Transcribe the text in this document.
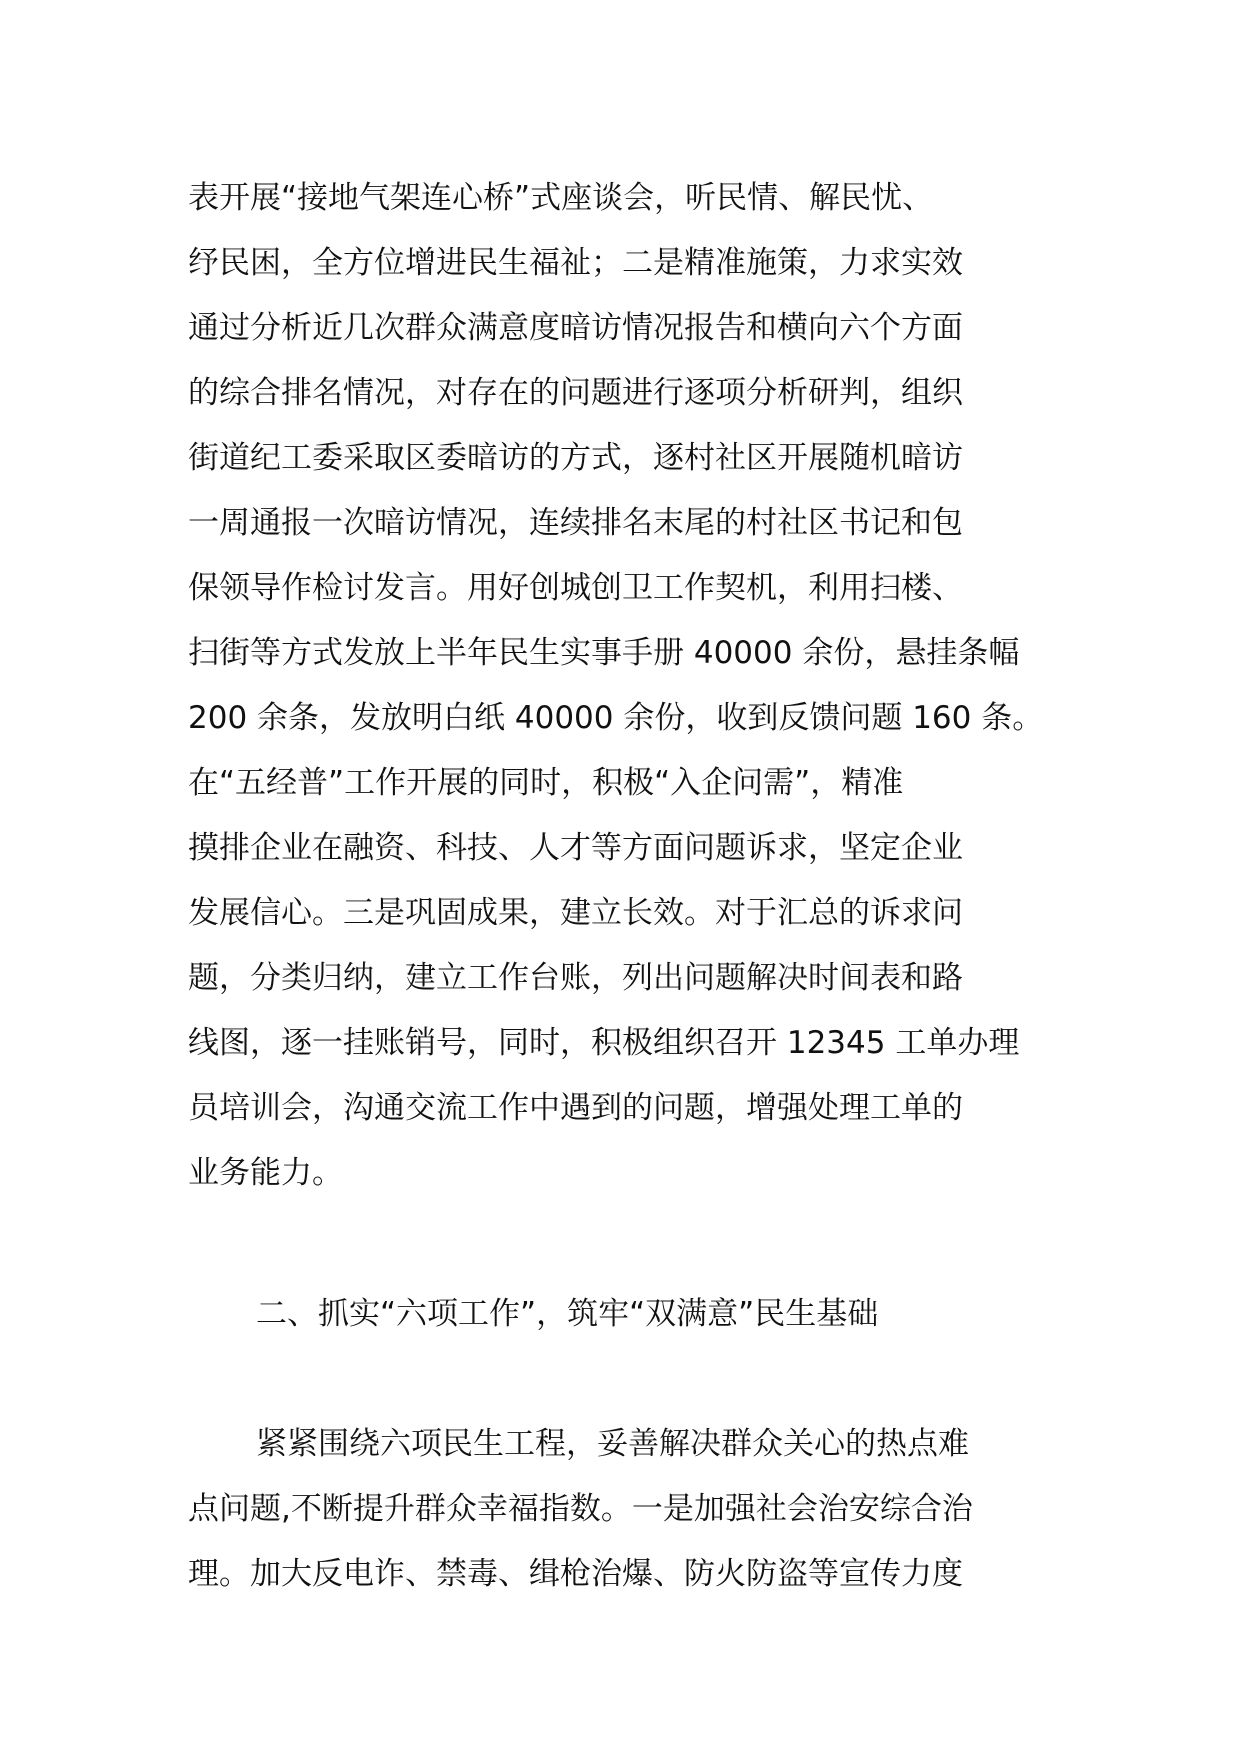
表开展“接地气架连心桥”式座谈会，听民情、解民忧、
纾民困，全方位增进民生福祉；二是精准施策，力求实效
通过分析近几次群众满意度暗访情况报告和横向六个方面
的综合排名情况，对存在的问题进行逐项分析研判，组织
街道纪工委采取区委暗访的方式，逐村社区开展随机暗访
一周通报一次暗访情况，连续排名末尾的村社区书记和包
保领导作检讨发言。用好创城创卫工作契机，利用扫楼、
扫街等方式发放上半年民生实事手册 40000 余份，悬挂条幅
200 余条，发放明白纸 40000 余份，收到反馈问题 160 条。
在“五经普”工作开展的同时，积极“入企问需”，精准
摸排企业在融资、科技、人才等方面问题诉求，坚定企业
发展信心。三是巩固成果，建立长效。对于汇总的诉求问
题，分类归纳，建立工作台账，列出问题解决时间表和路
线图，逐一挂账销号，同时，积极组织召开 12345 工单办理
员培训会，沟通交流工作中遇到的问题，增强处理工单的
业务能力。
二、抓实“六项工作”，筑牢“双满意”民生基础
紧紧围绕六项民生工程，妥善解决群众关心的热点难
点问题,不断提升群众幸福指数。一是加强社会治安综合治
理。加大反电诈、禁毒、缉枪治爆、防火防盗等宣传力度
